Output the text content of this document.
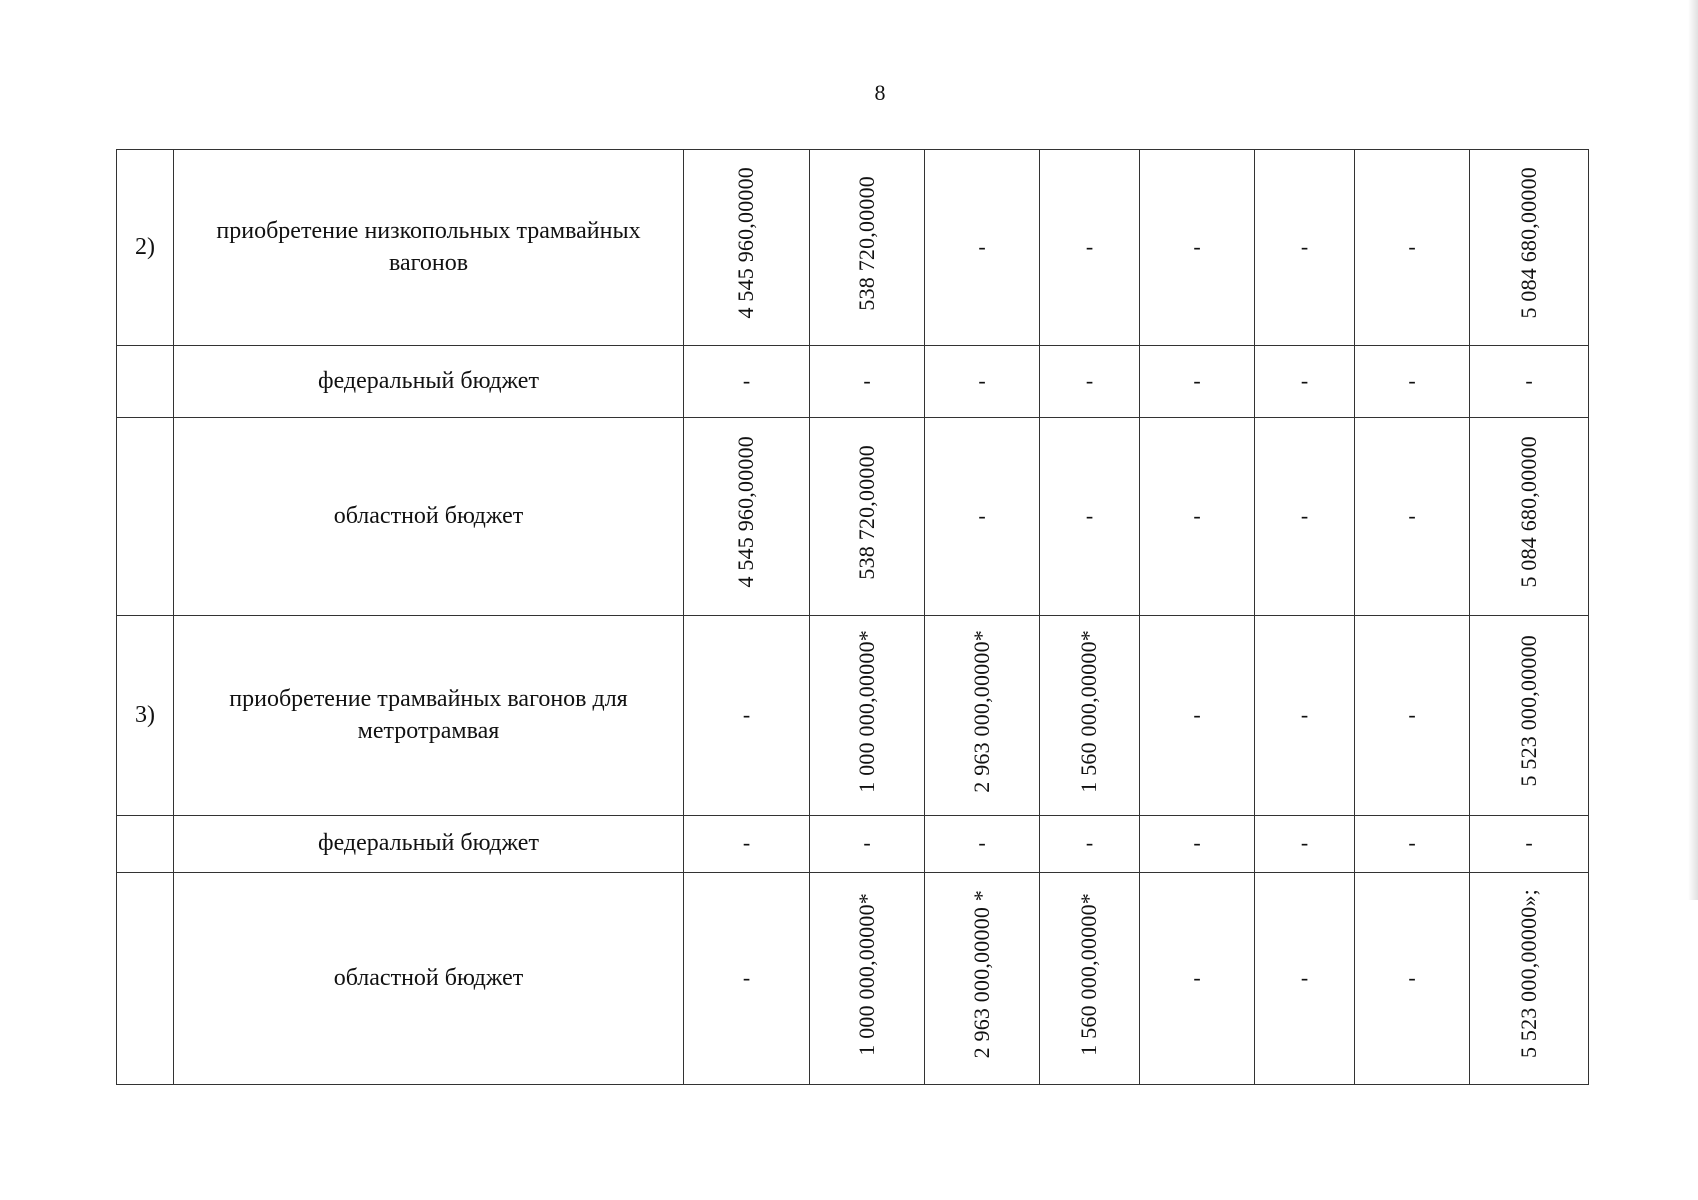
8
2)	приобретение низкопольных трамвайных вагонов	4 545 960,00000	538 720,00000	-	-	-	-	-	5 084 680,00000
	федеральный бюджет	-	-	-	-	-	-	-	-
	областной бюджет	4 545 960,00000	538 720,00000	-	-	-	-	-	5 084 680,00000
3)	приобретение трамвайных вагонов для метротрамвая	-	1 000 000,00000*	2 963 000,00000*	1 560 000,00000*	-	-	-	5 523 000,00000
	федеральный бюджет	-	-	-	-	-	-	-	-
	областной бюджет	-	1 000 000,00000*	2 963 000,00000 *	1 560 000,00000*	-	-	-	5 523 000,00000»;
